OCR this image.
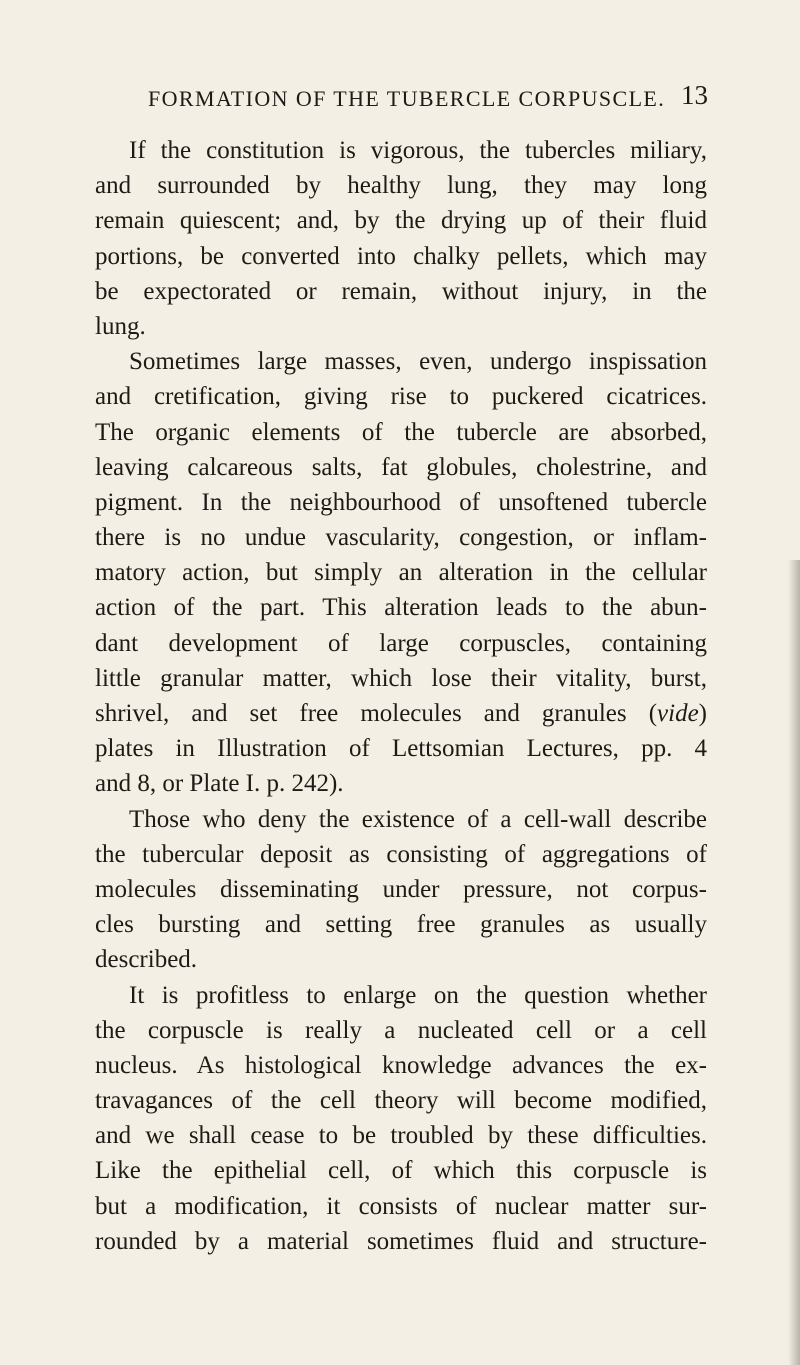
FORMATION OF THE TUBERCLE CORPUSCLE. 13
If the constitution is vigorous, the tubercles miliary,
and surrounded by healthy lung, they may long
remain quiescent; and, by the drying up of their fluid
portions, be converted into chalky pellets, which may
be expectorated or remain, without injury, in the
lung.
Sometimes large masses, even, undergo inspissation
and cretification, giving rise to puckered cicatrices.
The organic elements of the tubercle are absorbed,
leaving calcareous salts, fat globules, cholestrine, and
pigment. In the neighbourhood of unsoftened tubercle
there is no undue vascularity, congestion, or inflam-
matory action, but simply an alteration in the cellular
action of the part. This alteration leads to the abun-
dant development of large corpuscles, containing
little granular matter, which lose their vitality, burst,
shrivel, and set free molecules and granules (vide)
plates in Illustration of Lettsomian Lectures, pp. 4
and 8, or Plate I. p. 242).
Those who deny the existence of a cell-wall describe
the tubercular deposit as consisting of aggregations of
molecules disseminating under pressure, not corpus-
cles bursting and setting free granules as usually
described.
It is profitless to enlarge on the question whether
the corpuscle is really a nucleated cell or a cell
nucleus. As histological knowledge advances the ex-
travagances of the cell theory will become modified,
and we shall cease to be troubled by these difficulties.
Like the epithelial cell, of which this corpuscle is
but a modification, it consists of nuclear matter sur-
rounded by a material sometimes fluid and structure-
